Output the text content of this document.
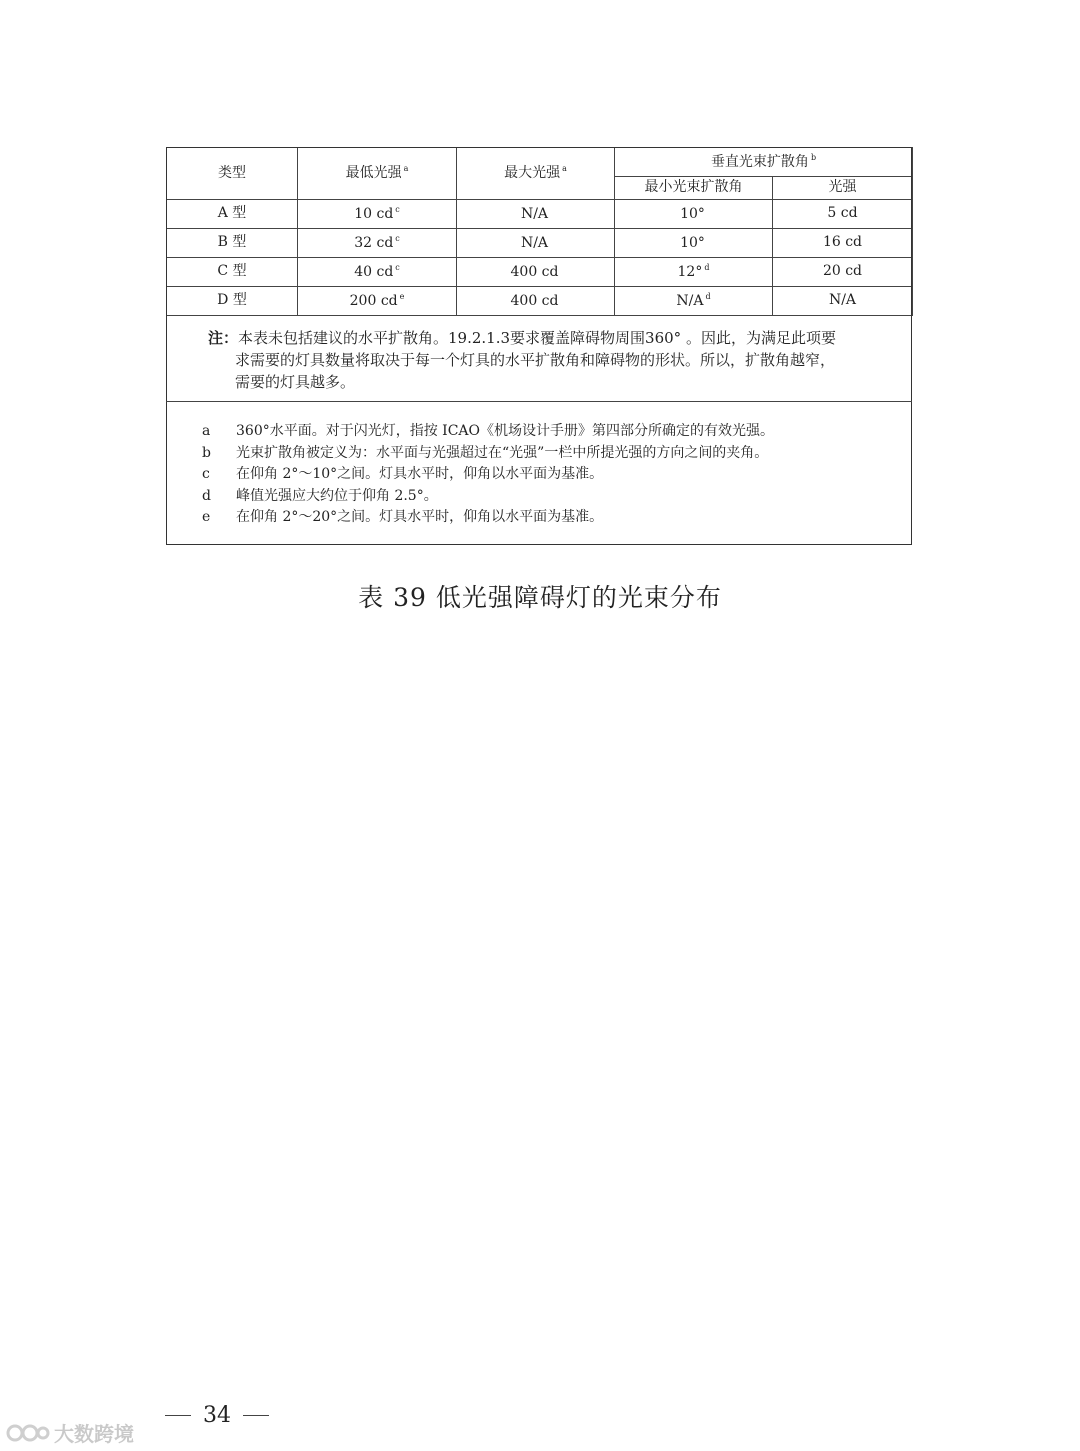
类型	最低光强 $^a$	最大光强 $^a$	垂直光束扩散角 $^b$
			最小光束扩散角	光强
A 型	10 cd $^c$	N/A	10°	5 cd
B 型	32 cd $^c$	N/A	10°	16 cd
C 型	40 cd $^c$	400 cd	12° $^d$	20 cd
D 型	200 cd $^e$	400 cd	N/A $^d$	N/A
注：本表未包括建议的水平扩散角。19.2.1.3要求覆盖障碍物周围360° 。因此，为满足此项要
求需要的灯具数量将取决于每一个灯具的水平扩散角和障碍物的形状。所以，扩散角越窄，
需要的灯具越多。
a	360°水平面。对于闪光灯，指按 ICAO《机场设计手册》第四部分所确定的有效光强。
b	光束扩散角被定义为：水平面与光强超过在“光强”一栏中所提光强的方向之间的夹角。
c	在仰角 2°～10°之间。灯具水平时，仰角以水平面为基准。
d	峰值光强应大约位于仰角 2.5°。
e	在仰角 2°～20°之间。灯具水平时，仰角以水平面为基准。
表 39 低光强障碍灯的光束分布
34
大数跨境
